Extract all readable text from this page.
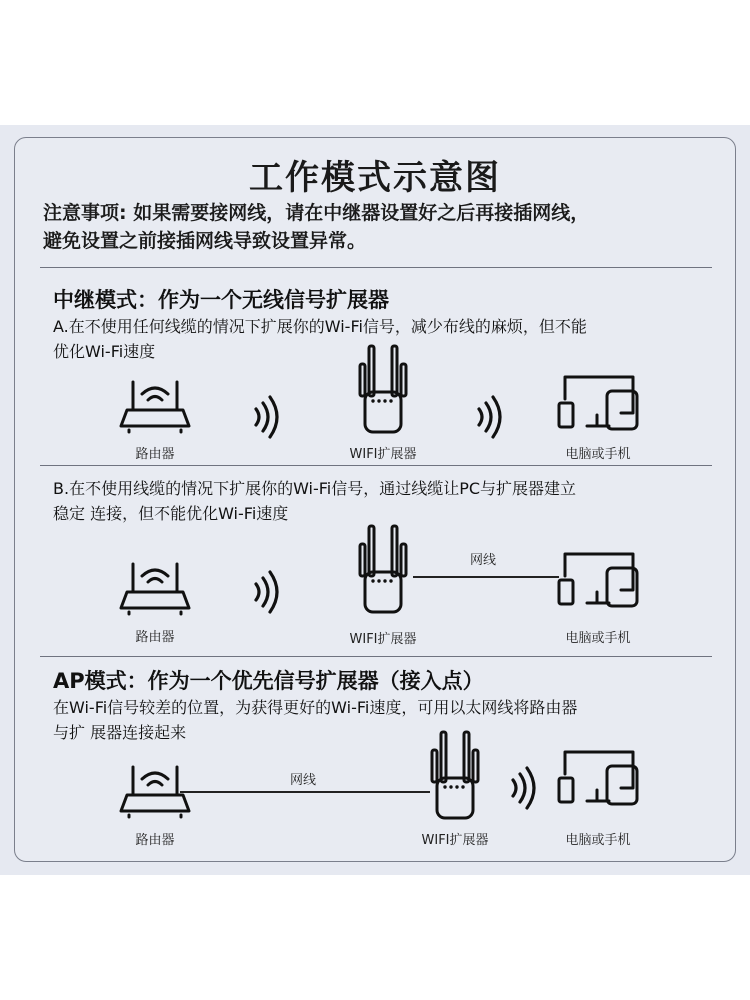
工作模式示意图
注意事项: 如果需要接网线，请在中继器设置好之后再接插网线，
避免设置之前接插网线导致设置异常。
中继模式：作为一个无线信号扩展器
A.在不使用任何线缆的情况下扩展你的Wi-Fi信号，减少布线的麻烦，但不能
优化Wi-Fi速度
路由器	WIFI扩展器	电脑或手机
B.在不使用线缆的情况下扩展你的Wi-Fi信号，通过线缆让PC与扩展器建立
稳定 连接，但不能优化Wi-Fi速度
路由器	WIFI扩展器
网线
电脑或手机
AP模式：作为一个优先信号扩展器（接入点）
在Wi-Fi信号较差的位置，为获得更好的Wi-Fi速度，可用以太网线将路由器
与扩 展器连接起来
路由器
网线
WIFI扩展器	电脑或手机
